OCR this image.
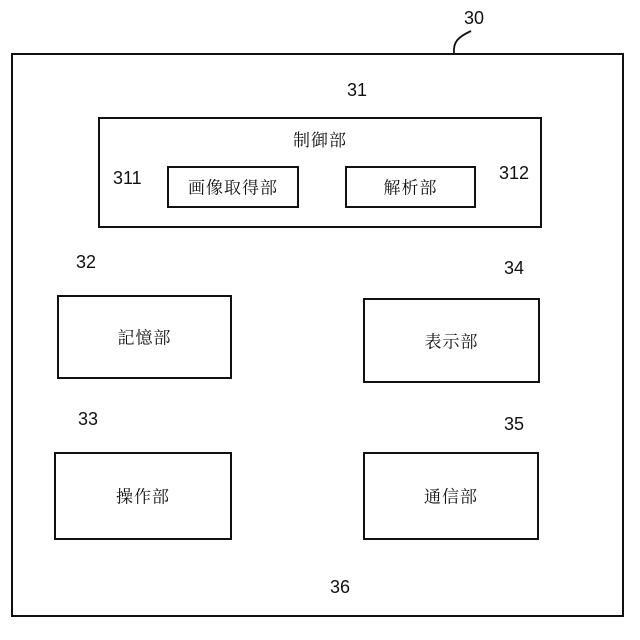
制御部
画像取得部	解析部
記憶部	表示部
操作部	通信部
30
31
311	312
32	34
33	35
36
